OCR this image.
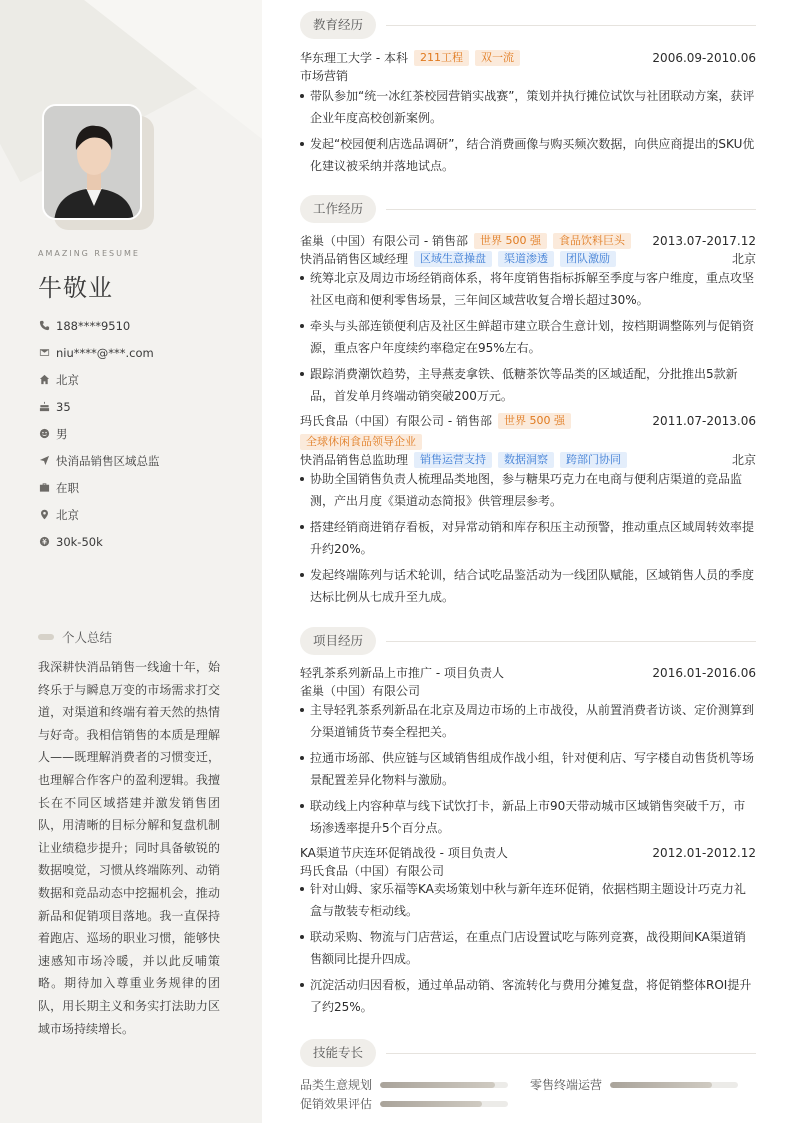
AMAZING RESUME
牛敬业
188****9510
niu****@***.com
北京
35
男
快消品销售区域总监
在职
北京
30k-50k
个人总结
我深耕快消品销售一线逾十年，始终乐于与瞬息万变的市场需求打交道，对渠道和终端有着天然的热情与好奇。我相信销售的本质是理解人——既理解消费者的习惯变迁，也理解合作客户的盈利逻辑。我擅长在不同区域搭建并激发销售团队，用清晰的目标分解和复盘机制让业绩稳步提升；同时具备敏锐的数据嗅觉，习惯从终端陈列、动销数据和竞品动态中挖掘机会，推动新品和促销项目落地。我一直保持着跑店、巡场的职业习惯，能够快速感知市场冷暖，并以此反哺策略。期待加入尊重业务规律的团队，用长期主义和务实打法助力区域市场持续增长。
教育经历
华东理工大学 - 本科	211工程	双一流	2006.09-2010.06
市场营销
带队参加“统一冰红茶校园营销实战赛”，策划并执行摊位试饮与社团联动方案，获评企业年度高校创新案例。
发起“校园便利店选品调研”，结合消费画像与购买频次数据，向供应商提出的SKU优化建议被采纳并落地试点。
工作经历
雀巢（中国）有限公司 - 销售部	世界 500 强	食品饮料巨头	2013.07-2017.12
快消品销售区域经理	区域生意操盘	渠道渗透	团队激励	北京
统筹北京及周边市场经销商体系，将年度销售指标拆解至季度与客户维度，重点攻坚社区电商和便利零售场景，三年间区域营收复合增长超过30%。
牵头与头部连锁便利店及社区生鲜超市建立联合生意计划，按档期调整陈列与促销资源，重点客户年度续约率稳定在95%左右。
跟踪消费潮饮趋势，主导燕麦拿铁、低糖茶饮等品类的区域适配，分批推出5款新品，首发单月终端动销突破200万元。
玛氏食品（中国）有限公司 - 销售部	世界 500 强	2011.07-2013.06
全球休闲食品领导企业
快消品销售总监助理	销售运营支持	数据洞察	跨部门协同	北京
协助全国销售负责人梳理品类地图，参与糖果巧克力在电商与便利店渠道的竞品监测，产出月度《渠道动态简报》供管理层参考。
搭建经销商进销存看板，对异常动销和库存积压主动预警，推动重点区域周转效率提升约20%。
发起终端陈列与话术轮训，结合试吃品鉴活动为一线团队赋能，区域销售人员的季度达标比例从七成升至九成。
项目经历
轻乳茶系列新品上市推广 - 项目负责人	2016.01-2016.06
雀巢（中国）有限公司
主导轻乳茶系列新品在北京及周边市场的上市战役，从前置消费者访谈、定价测算到分渠道铺货节奏全程把关。
拉通市场部、供应链与区域销售组成作战小组，针对便利店、写字楼自动售货机等场景配置差异化物料与激励。
联动线上内容种草与线下试饮打卡，新品上市90天带动城市区域销售突破千万，市场渗透率提升5个百分点。
KA渠道节庆连环促销战役 - 项目负责人	2012.01-2012.12
玛氏食品（中国）有限公司
针对山姆、家乐福等KA卖场策划中秋与新年连环促销，依据档期主题设计巧克力礼盒与散装专柜动线。
联动采购、物流与门店营运，在重点门店设置试吃与陈列竞赛，战役期间KA渠道销售额同比提升四成。
沉淀活动归因看板，通过单品动销、客流转化与费用分摊复盘，将促销整体ROI提升了约25%。
技能专长
品类生意规划	零售终端运营
促销效果评估
